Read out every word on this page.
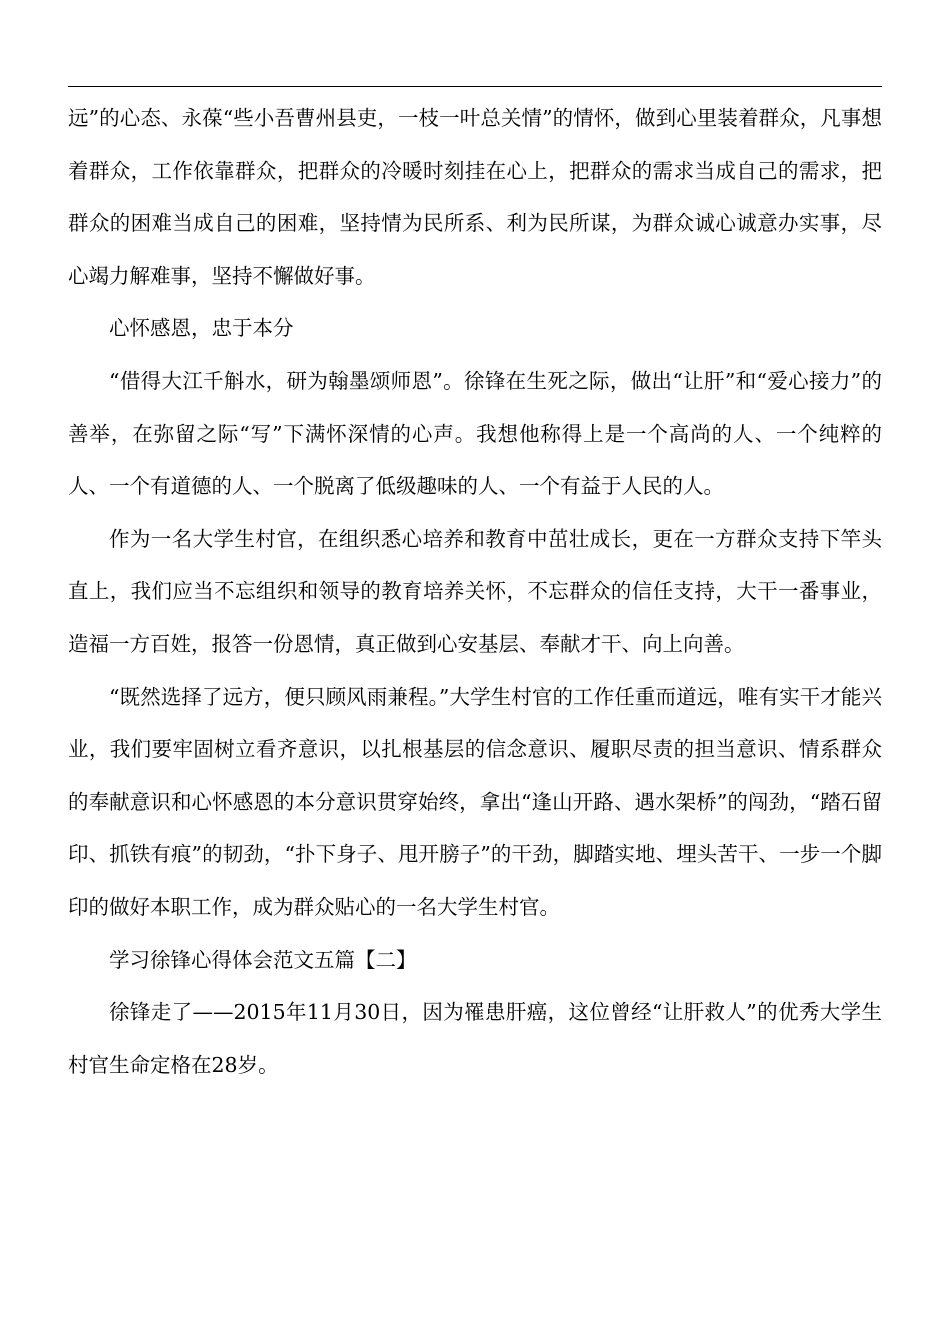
远”的心态、永葆“些小吾曹州县吏，一枝一叶总关情”的情怀，做到心里装着群众，凡事想着群众，工作依靠群众，把群众的冷暖时刻挂在心上，把群众的需求当成自己的需求，把群众的困难当成自己的困难，坚持情为民所系、利为民所谋，为群众诚心诚意办实事，尽心竭力解难事，坚持不懈做好事。

心怀感恩，忠于本分

“借得大江千斛水，研为翰墨颂师恩”。徐锋在生死之际，做出“让肝”和“爱心接力”的善举，在弥留之际“写”下满怀深情的心声。我想他称得上是一个高尚的人、一个纯粹的人、一个有道德的人、一个脱离了低级趣味的人、一个有益于人民的人。

作为一名大学生村官，在组织悉心培养和教育中茁壮成长，更在一方群众支持下竿头直上，我们应当不忘组织和领导的教育培养关怀，不忘群众的信任支持，大干一番事业，造福一方百姓，报答一份恩情，真正做到心安基层、奉献才干、向上向善。

“既然选择了远方，便只顾风雨兼程。”大学生村官的工作任重而道远，唯有实干才能兴业，我们要牢固树立看齐意识，以扎根基层的信念意识、履职尽责的担当意识、情系群众的奉献意识和心怀感恩的本分意识贯穿始终，拿出“逢山开路、遇水架桥”的闯劲，“踏石留印、抓铁有痕”的韧劲，“扑下身子、甩开膀子”的干劲，脚踏实地、埋头苦干、一步一个脚印的做好本职工作，成为群众贴心的一名大学生村官。

学习徐锋心得体会范文五篇【二】

徐锋走了——2015年11月30日，因为罹患肝癌，这位曾经“让肝救人”的优秀大学生村官生命定格在28岁。
